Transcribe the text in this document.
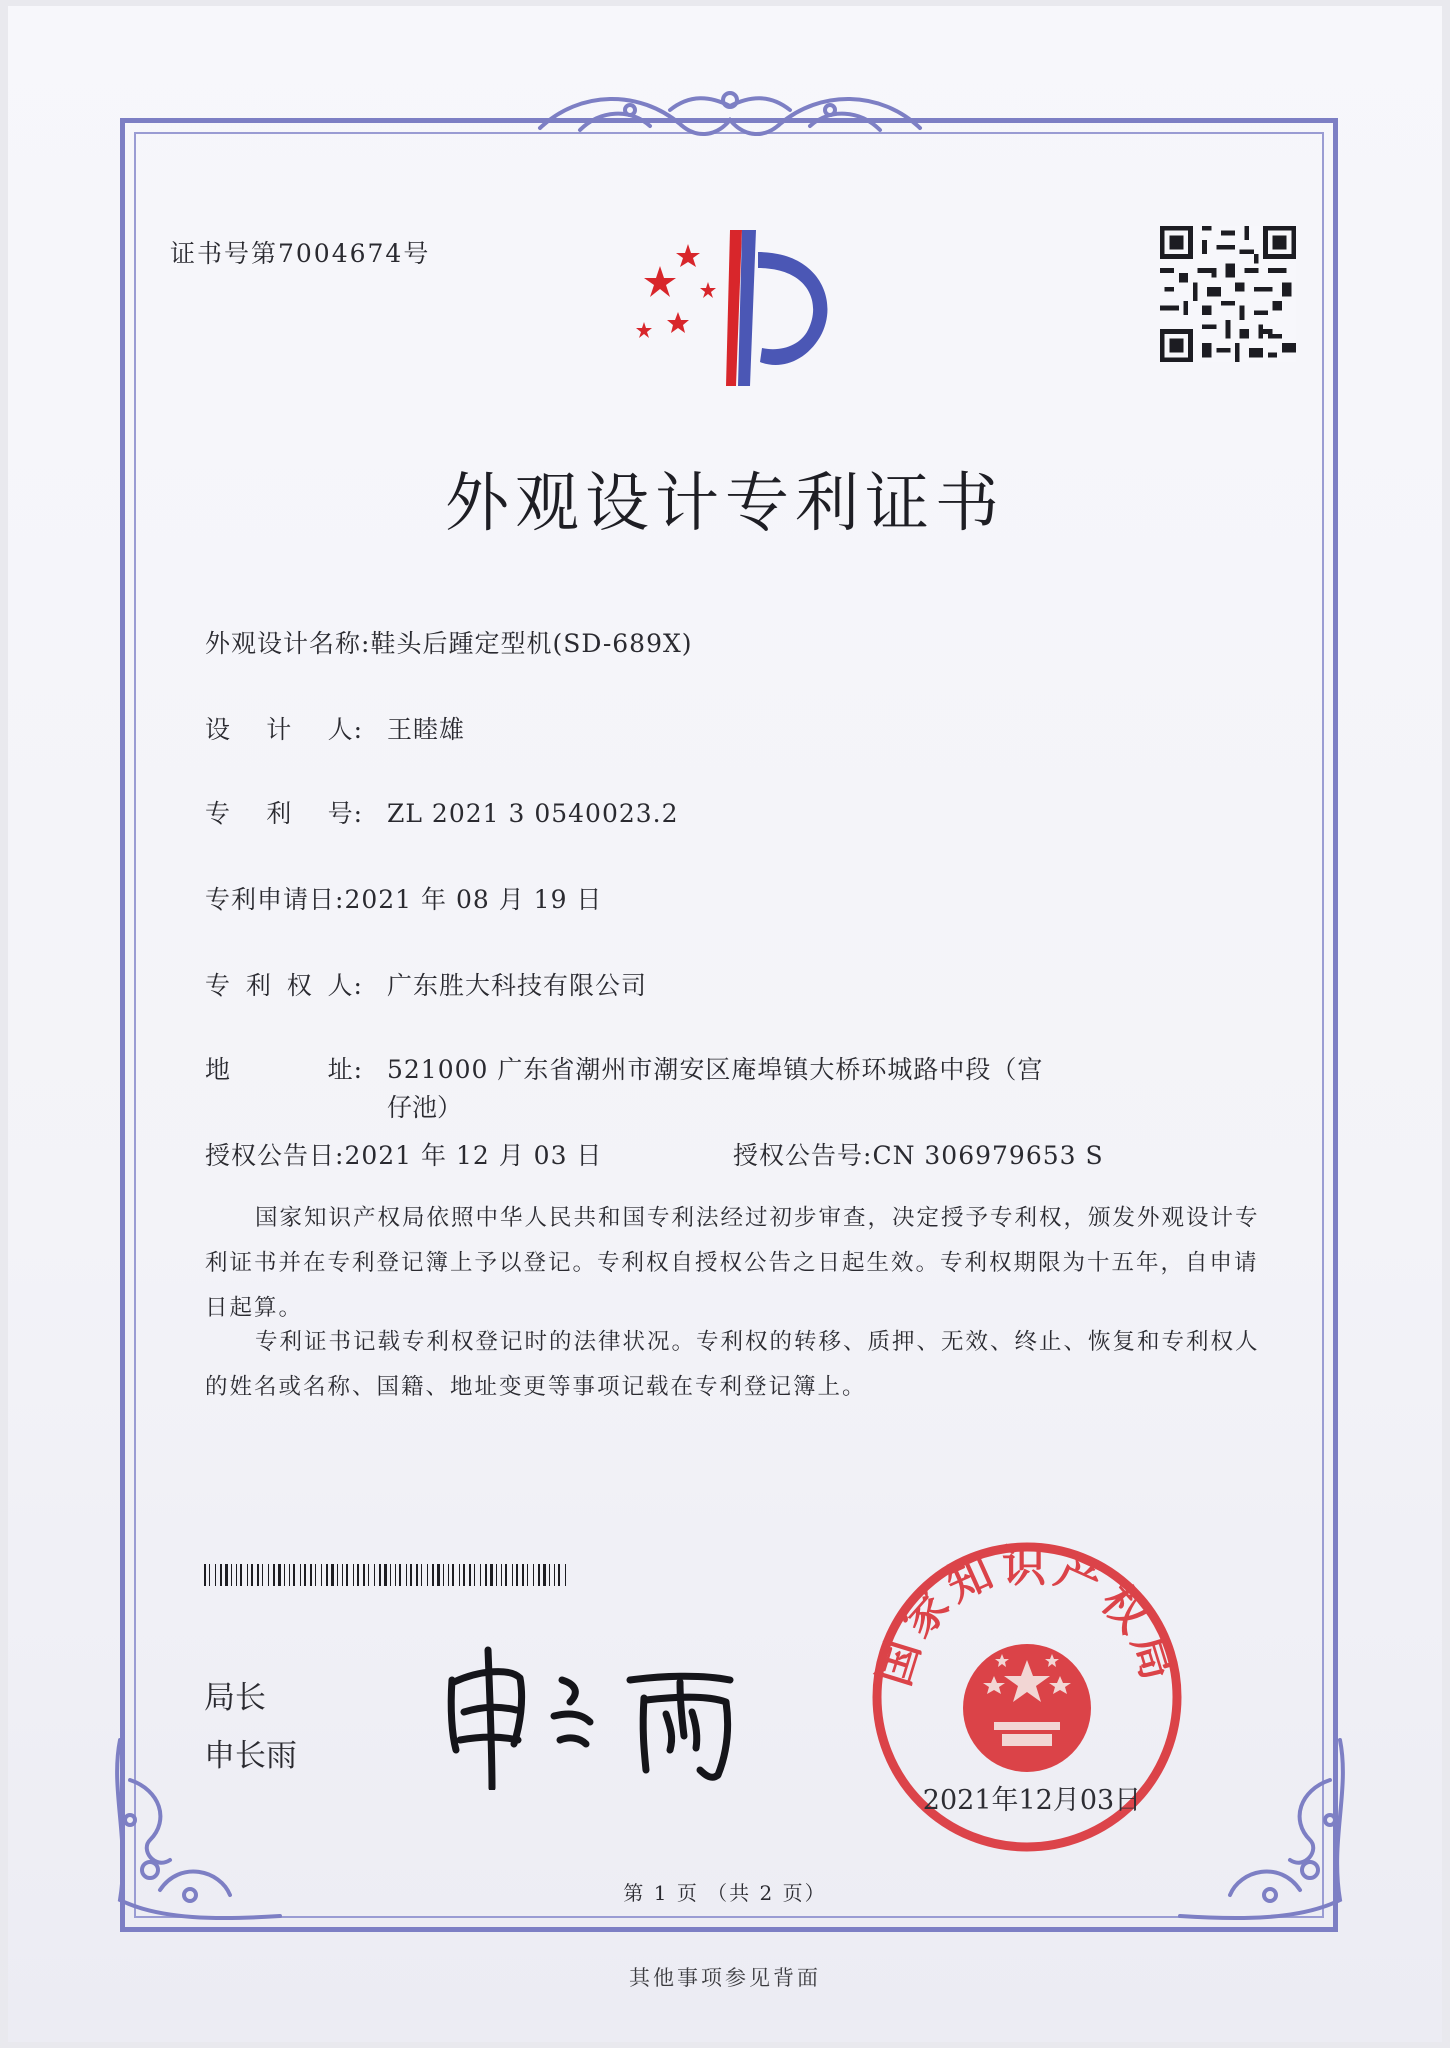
证书号第7004674号
外观设计专利证书
外观设计名称:鞋头后踵定型机(SD-689X)
设 计 人: 王睦雄
专 利 号: ZL 2021 3 0540023.2
专利申请日:2021 年 08 月 19 日
专 利 权 人: 广东胜大科技有限公司
地	址: 521000 广东省潮州市潮安区庵埠镇大桥环城路中段（宫
仔池）
授权公告日:2021 年 12 月 03 日	授权公告号:CN 306979653 S
国家知识产权局依照中华人民共和国专利法经过初步审查，决定授予专利权，颁发外观设计专利证书并在专利登记簿上予以登记。专利权自授权公告之日起生效。专利权期限为十五年，自申请日起算。
专利证书记载专利权登记时的法律状况。专利权的转移、质押、无效、终止、恢复和专利权人的姓名或名称、国籍、地址变更等事项记载在专利登记簿上。
局长
申长雨
国家知识产权局
2021年12月03日
第 1 页 （共 2 页）
其他事项参见背面
